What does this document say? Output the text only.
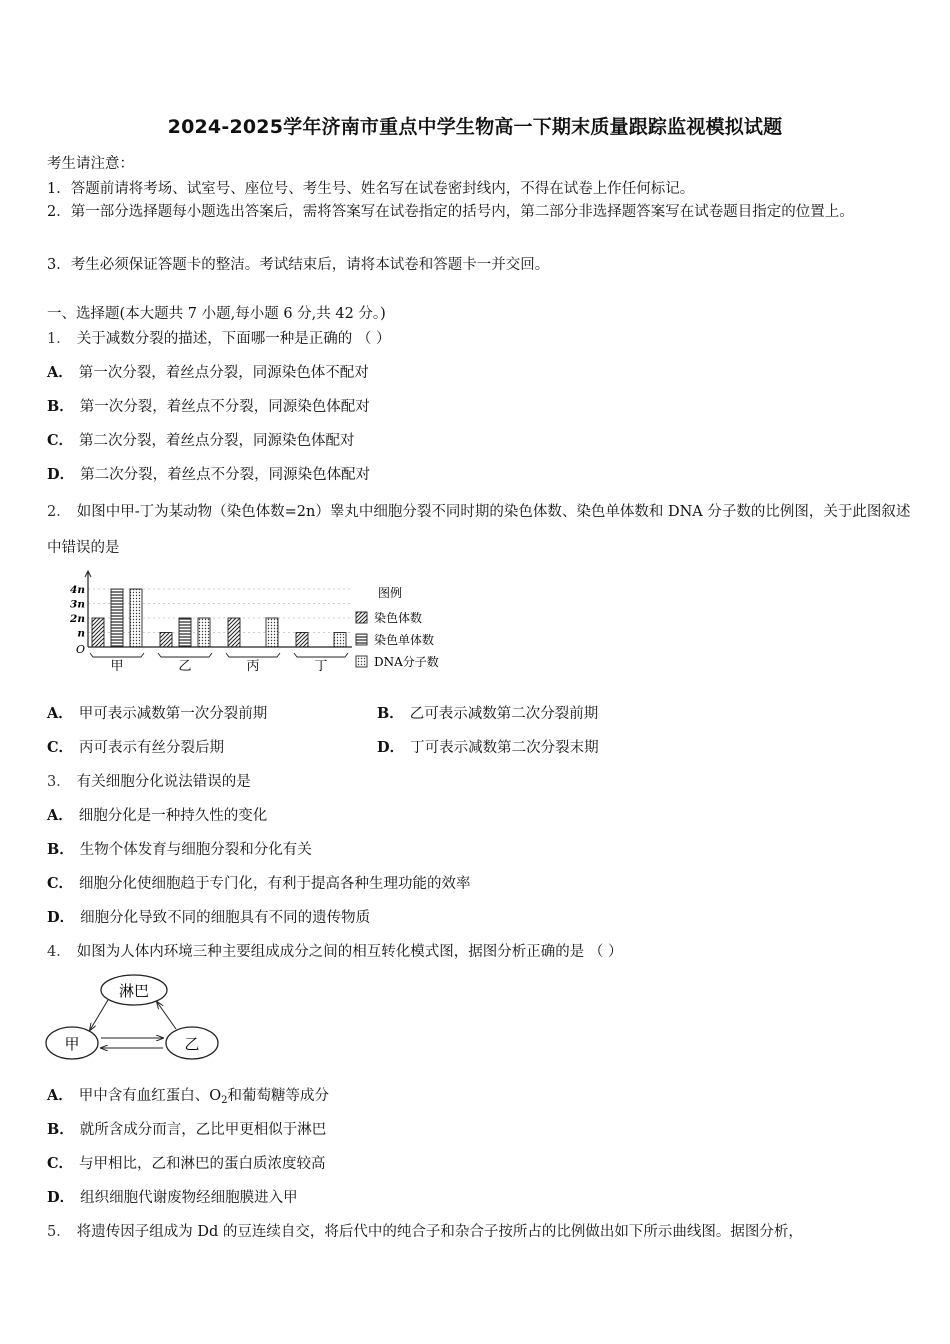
2024-2025学年济南市重点中学生物高一下期末质量跟踪监视模拟试题
考生请注意：
1．答题前请将考场、试室号、座位号、考生号、姓名写在试卷密封线内，不得在试卷上作任何标记。
2．第一部分选择题每小题选出答案后，需将答案写在试卷指定的括号内，第二部分非选择题答案写在试卷题目指定的位置上。
3．考生必须保证答题卡的整洁。考试结束后，请将本试卷和答题卡一并交回。
一、选择题(本大题共 7 小题,每小题 6 分,共 42 分。)
1． 关于减数分裂的描述，下面哪一种是正确的 （ ）
A． 第一次分裂，着丝点分裂，同源染色体不配对
B． 第一次分裂，着丝点不分裂，同源染色体配对
C． 第二次分裂，着丝点分裂，同源染色体配对
D． 第二次分裂，着丝点不分裂，同源染色体配对
2． 如图中甲-丁为某动物（染色体数=2n）睾丸中细胞分裂不同时期的染色体数、染色单体数和 DNA 分子数的比例图，关于此图叙述中错误的是
n
2n
3n
4n
O
甲	乙	丙	丁
图例
染色体数
染色单体数
DNA分子数
A． 甲可表示减数第一次分裂前期	B． 乙可表示减数第二次分裂前期
C． 丙可表示有丝分裂后期	D． 丁可表示减数第二次分裂末期
3． 有关细胞分化说法错误的是
A． 细胞分化是一种持久性的变化
B． 生物个体发育与细胞分裂和分化有关
C． 细胞分化使细胞趋于专门化，有利于提高各种生理功能的效率
D． 细胞分化导致不同的细胞具有不同的遗传物质
4． 如图为人体内环境三种主要组成成分之间的相互转化模式图，据图分析正确的是 （ ）
淋巴
甲	乙
A． 甲中含有血红蛋白、$O_2$和葡萄糖等成分
B． 就所含成分而言，乙比甲更相似于淋巴
C． 与甲相比，乙和淋巴的蛋白质浓度较高
D． 组织细胞代谢废物经细胞膜进入甲
5． 将遗传因子组成为 Dd 的豆连续自交，将后代中的纯合子和杂合子按所占的比例做出如下所示曲线图。据图分析，
